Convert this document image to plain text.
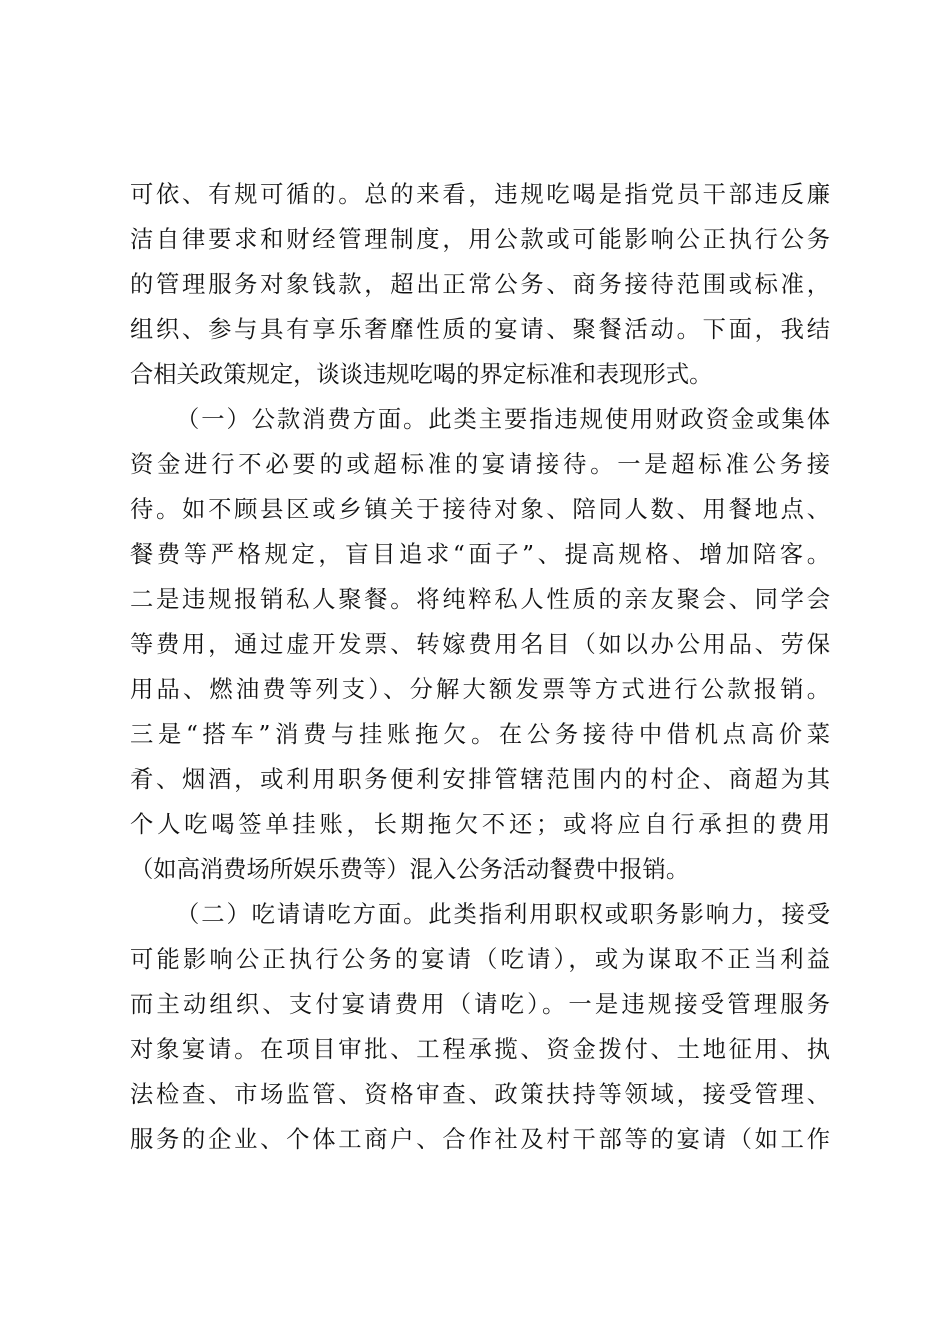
可依、有规可循的。总的来看，违规吃喝是指党员干部违反廉
洁自律要求和财经管理制度，用公款或可能影响公正执行公务
的管理服务对象钱款，超出正常公务、商务接待范围或标准，
组织、参与具有享乐奢靡性质的宴请、聚餐活动。下面，我结
合相关政策规定，谈谈违规吃喝的界定标准和表现形式。
（一）公款消费方面。此类主要指违规使用财政资金或集体
资金进行不必要的或超标准的宴请接待。一是超标准公务接
待。如不顾县区或乡镇关于接待对象、陪同人数、用餐地点、
餐费等严格规定，盲目追求“面子”、提高规格、增加陪客。
二是违规报销私人聚餐。将纯粹私人性质的亲友聚会、同学会
等费用，通过虚开发票、转嫁费用名目（如以办公用品、劳保
用品、燃油费等列支）、分解大额发票等方式进行公款报销。
三是“搭车”消费与挂账拖欠。在公务接待中借机点高价菜
肴、烟酒，或利用职务便利安排管辖范围内的村企、商超为其
个人吃喝签单挂账，长期拖欠不还；或将应自行承担的费用
（如高消费场所娱乐费等）混入公务活动餐费中报销。
（二）吃请请吃方面。此类指利用职权或职务影响力，接受
可能影响公正执行公务的宴请（吃请），或为谋取不正当利益
而主动组织、支付宴请费用（请吃）。一是违规接受管理服务
对象宴请。在项目审批、工程承揽、资金拨付、土地征用、执
法检查、市场监管、资格审查、政策扶持等领域，接受管理、
服务的企业、个体工商户、合作社及村干部等的宴请（如工作
